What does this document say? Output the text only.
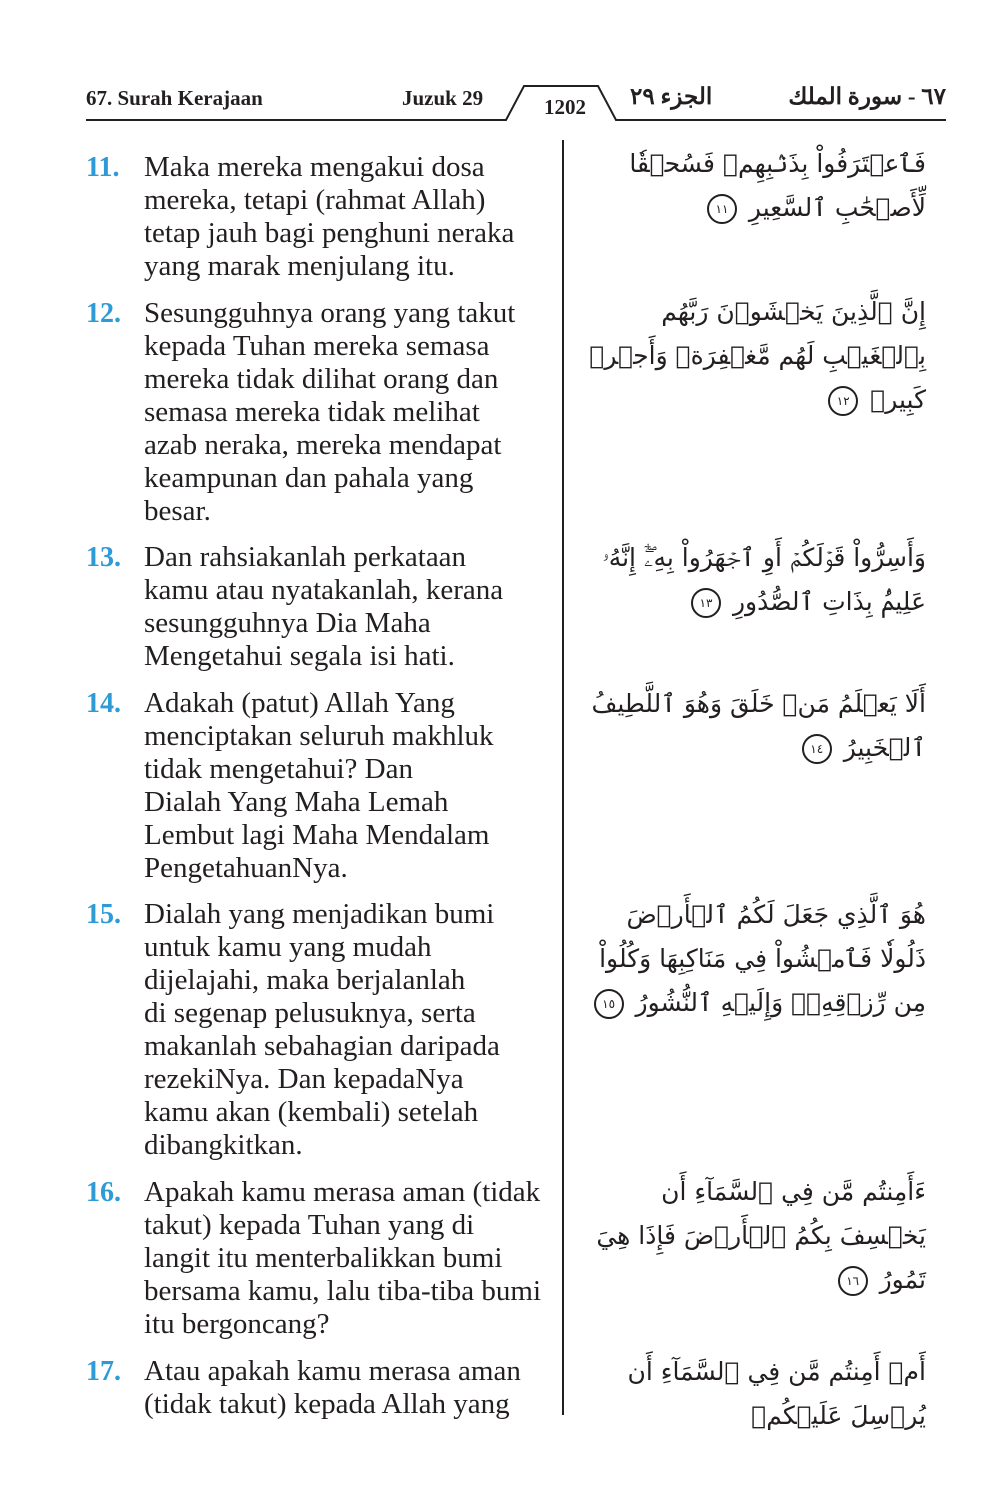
67. Surah Kerajaan	Juzuk 29	1202	الجزء ٢٩	٦٧ - سورة الملك
11. Maka mereka mengakui dosa
mereka, tetapi (rahmat Allah)
tetap jauh bagi penghuni neraka
yang marak menjulang itu.
فَٱعۡتَرَفُواْ بِذَنۢبِهِمۡ فَسُحۡقٗا لِّأَصۡحَٰبِ ٱلسَّعِيرِ ١١
12. Sesungguhnya orang yang takut
kepada Tuhan mereka semasa
mereka tidak dilihat orang dan
semasa mereka tidak melihat
azab neraka, mereka mendapat
keampunan dan pahala yang
besar.
إِنَّ ٱلَّذِينَ يَخۡشَوۡنَ رَبَّهُم بِٱلۡغَيۡبِ لَهُم مَّغۡفِرَةٞ وَأَجۡرٞ كَبِيرٞ ١٢
13. Dan rahsiakanlah perkataan
kamu atau nyatakanlah, kerana
sesungguhnya Dia Maha
Mengetahui segala isi hati.
وَأَسِرُّواْ قَوۡلَكُمۡ أَوِ ٱجۡهَرُواْ بِهِۦٓۖ إِنَّهُۥ عَلِيمُۢ بِذَاتِ ٱلصُّدُورِ ١٣
14. Adakah (patut) Allah Yang
menciptakan seluruh makhluk
tidak mengetahui? Dan
Dialah Yang Maha Lemah
Lembut lagi Maha Mendalam
PengetahuanNya.
أَلَا يَعۡلَمُ مَنۡ خَلَقَ وَهُوَ ٱللَّطِيفُ ٱلۡخَبِيرُ ١٤
15. Dialah yang menjadikan bumi
untuk kamu yang mudah
dijelajahi, maka berjalanlah
di segenap pelusuknya, serta
makanlah sebahagian daripada
rezekiNya. Dan kepadaNya
kamu akan (kembali) setelah
dibangkitkan.
هُوَ ٱلَّذِي جَعَلَ لَكُمُ ٱلۡأَرۡضَ ذَلُولٗا فَٱمۡشُواْ فِي مَنَاكِبِهَا وَكُلُواْ مِن رِّزۡقِهِۦۖ وَإِلَيۡهِ ٱلنُّشُورُ ١٥
16. Apakah kamu merasa aman (tidak
takut) kepada Tuhan yang di
langit itu menterbalikkan bumi
bersama kamu, lalu tiba-tiba bumi
itu bergoncang?
ءَأَمِنتُم مَّن فِي ٱلسَّمَآءِ أَن يَخۡسِفَ بِكُمُ ٱلۡأَرۡضَ فَإِذَا هِيَ تَمُورُ ١٦
17. Atau apakah kamu merasa aman
(tidak takut) kepada Allah yang
أَمۡ أَمِنتُم مَّن فِي ٱلسَّمَآءِ أَن يُرۡسِلَ عَلَيۡكُمۡ
